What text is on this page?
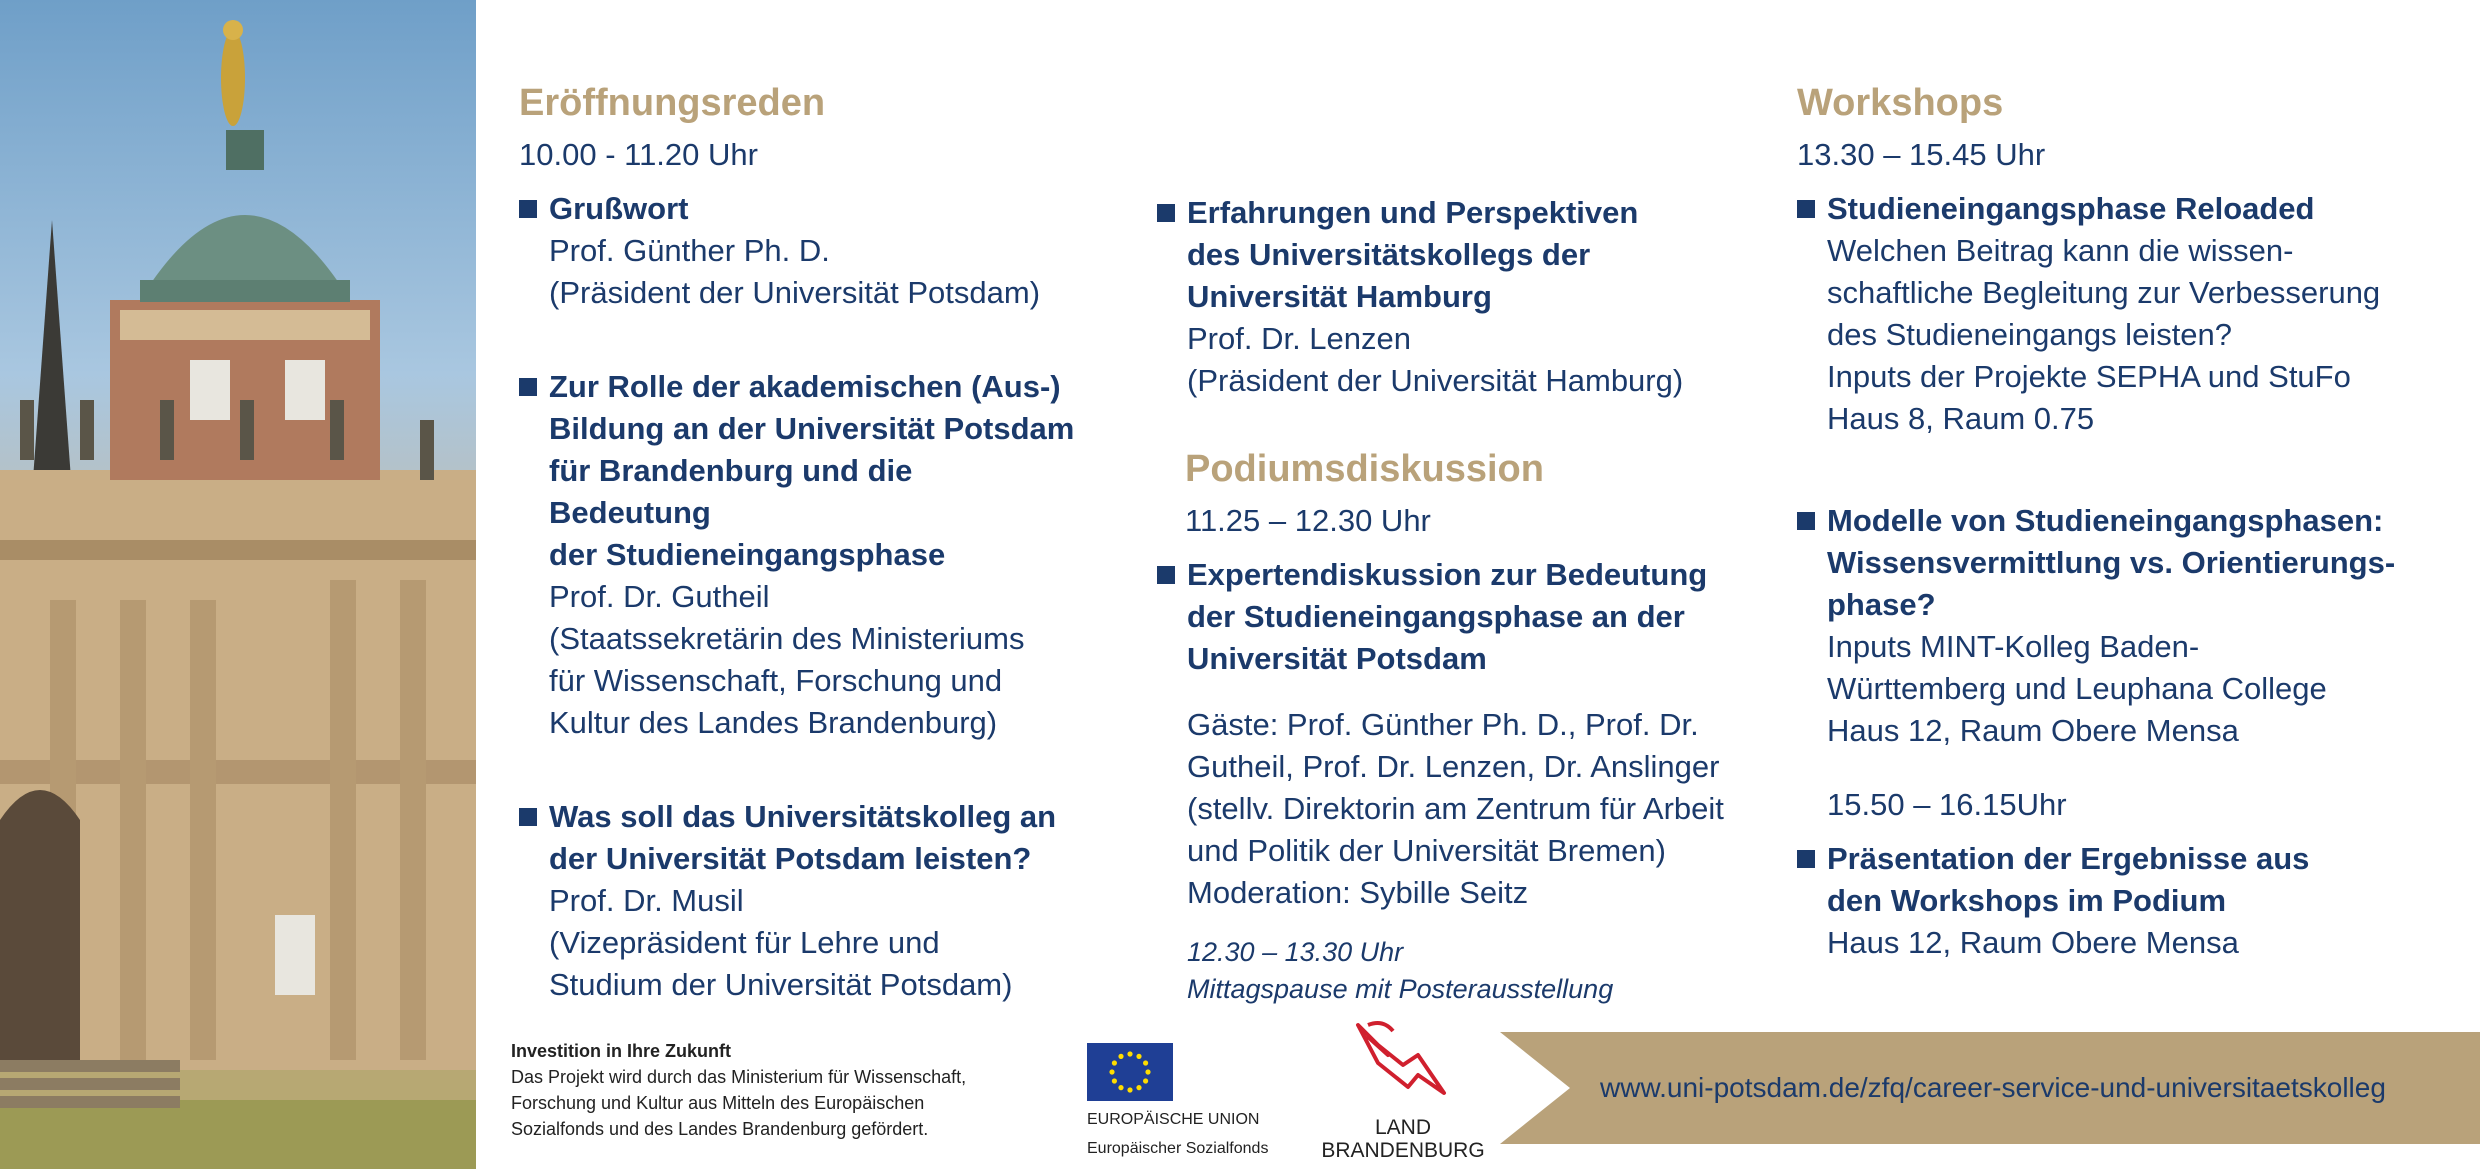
Eröffnungsreden
10.00 - 11.20 Uhr
Grußwort
Prof. Günther Ph. D.
(Präsident der Universität Potsdam)
Zur Rolle der akademischen (Aus-)
Bildung an der Universität Potsdam
für Brandenburg und die Bedeutung
der Studieneingangsphase
Prof. Dr. Gutheil
(Staatssekretärin des Ministeriums
für Wissenschaft, Forschung und
Kultur des Landes Brandenburg)
Was soll das Universitätskolleg an
der Universität Potsdam leisten?
Prof. Dr. Musil
(Vizepräsident für Lehre und
Studium der Universität Potsdam)
Erfahrungen und Perspektiven
des Universitätskollegs der
Universität Hamburg
Prof. Dr. Lenzen
(Präsident der Universität Hamburg)
Podiumsdiskussion
11.25 – 12.30 Uhr
Expertendiskussion zur Bedeutung
der Studieneingangsphase an der
Universität Potsdam
Gäste: Prof. Günther Ph. D., Prof. Dr.
Gutheil, Prof. Dr. Lenzen, Dr. Anslinger
(stellv. Direktorin am Zentrum für Arbeit
und Politik der Universität Bremen)
Moderation: Sybille Seitz
12.30 – 13.30 Uhr
Mittagspause mit Posterausstellung
Workshops
13.30 – 15.45 Uhr
Studieneingangsphase Reloaded
Welchen Beitrag kann die wissen-
schaftliche Begleitung zur Verbesserung
des Studieneingangs leisten?
Inputs der Projekte SEPHA und StuFo
Haus 8, Raum 0.75
Modelle von Studieneingangsphasen:
Wissensvermittlung vs. Orientierungs-
phase?
Inputs MINT-Kolleg Baden-
Württemberg und Leuphana College
Haus 12, Raum Obere Mensa
15.50 – 16.15Uhr
Präsentation der Ergebnisse aus
den Workshops im Podium
Haus 12, Raum Obere Mensa
Investition in Ihre Zukunft
Das Projekt wird durch das Ministerium für Wissenschaft,
Forschung und Kultur aus Mitteln des Europäischen
Sozialfonds und des Landes Brandenburg gefördert.	EUROPÄISCHE UNION
Europäischer Sozialfonds
LAND
BRANDENBURG
www.uni-potsdam.de/zfq/career-service-und-universitaetskolleg
